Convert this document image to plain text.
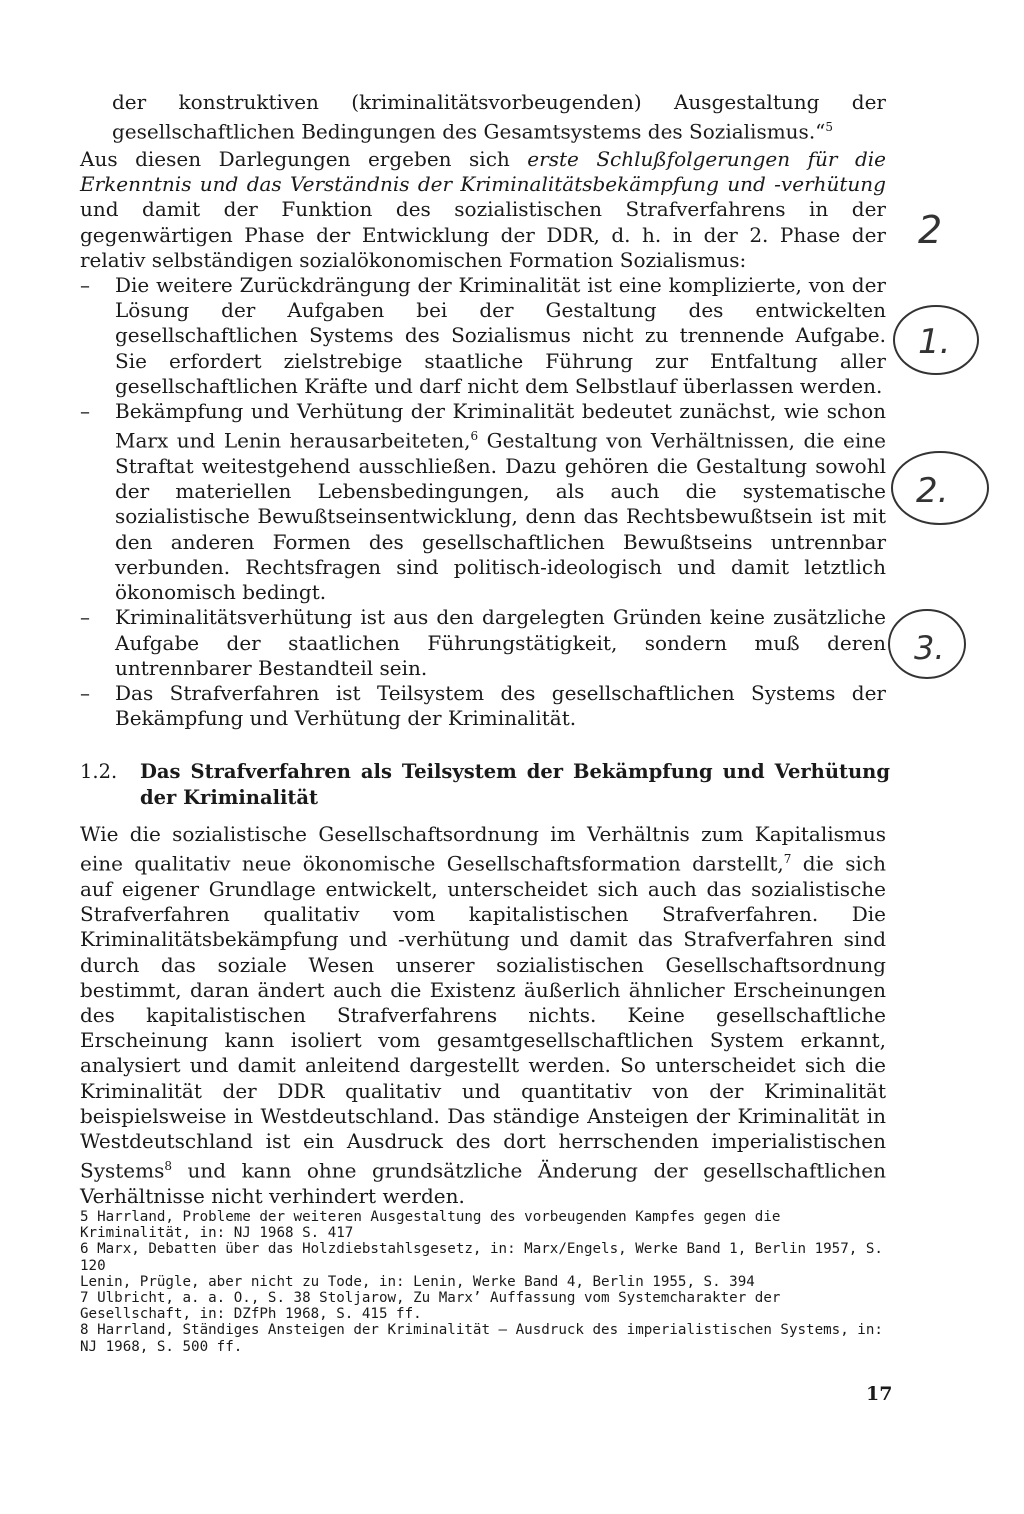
der konstruktiven (kriminalitätsvorbeugenden) Ausgestaltung der gesellschaftlichen Bedingungen des Gesamtsystems des Sozialismus.“$^5$

Aus diesen Darlegungen ergeben sich erste Schlußfolgerungen für die Erkenntnis und das Verständnis der Kriminalitätsbekämpfung und -verhütung und damit der Funktion des sozialistischen Strafverfahrens in der gegenwärtigen Phase der Entwicklung der DDR, d. h. in der 2. Phase der relativ selbständigen sozialökonomischen Formation Sozialismus:

–	Die weitere Zurückdrängung der Kriminalität ist eine komplizierte, von der Lösung der Aufgaben bei der Gestaltung des entwickelten gesellschaftlichen Systems des Sozialismus nicht zu trennende Aufgabe. Sie erfordert zielstrebige staatliche Führung zur Entfaltung aller gesellschaftlichen Kräfte und darf nicht dem Selbstlauf überlassen werden.
–	Bekämpfung und Verhütung der Kriminalität bedeutet zunächst, wie schon Marx und Lenin herausarbeiteten,$^6$ Gestaltung von Verhältnissen, die eine Straftat weitestgehend ausschließen. Dazu gehören die Gestaltung sowohl der materiellen Lebensbedingungen, als auch die systematische sozialistische Bewußtseinsentwicklung, denn das Rechtsbewußtsein ist mit den anderen Formen des gesellschaftlichen Bewußtseins untrennbar verbunden. Rechtsfragen sind politisch-ideologisch und damit letztlich ökonomisch bedingt.
–	Kriminalitätsverhütung ist aus den dargelegten Gründen keine zusätzliche Aufgabe der staatlichen Führungstätigkeit, sondern muß deren untrennbarer Bestandteil sein.
–	Das Strafverfahren ist Teilsystem des gesellschaftlichen Systems der Bekämpfung und Verhütung der Kriminalität.
1.2. Das Strafverfahren als Teilsystem der Bekämpfung und Verhütung der Kriminalität

Wie die sozialistische Gesellschaftsordnung im Verhältnis zum Kapitalismus eine qualitativ neue ökonomische Gesellschaftsformation darstellt,$^7$ die sich auf eigener Grundlage entwickelt, unterscheidet sich auch das sozialistische Strafverfahren qualitativ vom kapitalistischen Strafverfahren. Die Kriminalitätsbekämpfung und -verhütung und damit das Strafverfahren sind durch das soziale Wesen unserer sozialistischen Gesellschaftsordnung bestimmt, daran ändert auch die Existenz äußerlich ähnlicher Erscheinungen des kapitalistischen Strafverfahrens nichts. Keine gesellschaftliche Erscheinung kann isoliert vom gesamtgesellschaftlichen System erkannt, analysiert und damit anleitend dargestellt werden. So unterscheidet sich die Kriminalität der DDR qualitativ und quantitativ von der Kriminalität beispielsweise in Westdeutschland. Das ständige Ansteigen der Kriminalität in Westdeutschland ist ein Ausdruck des dort herrschenden imperialistischen Systems$^8$ und kann ohne grundsätzliche Änderung der gesellschaftlichen Verhältnisse nicht verhindert werden.

5 Harrland, Probleme der weiteren Ausgestaltung des vorbeugenden Kampfes gegen die Kriminalität, in: NJ 1968 S. 417

6 Marx, Debatten über das Holzdiebstahlsgesetz, in: Marx/Engels, Werke Band 1, Berlin 1957, S. 120

Lenin, Prügle, aber nicht zu Tode, in: Lenin, Werke Band 4, Berlin 1955, S. 394

7 Ulbricht, a. a. O., S. 38 Stoljarow, Zu Marx’ Auffassung vom Systemcharakter der Gesellschaft, in: DZfPh 1968, S. 415 ff.

8 Harrland, Ständiges Ansteigen der Kriminalität – Ausdruck des imperialistischen Systems, in: NJ 1968, S. 500 ff.

17
2
1.
2.
3.
